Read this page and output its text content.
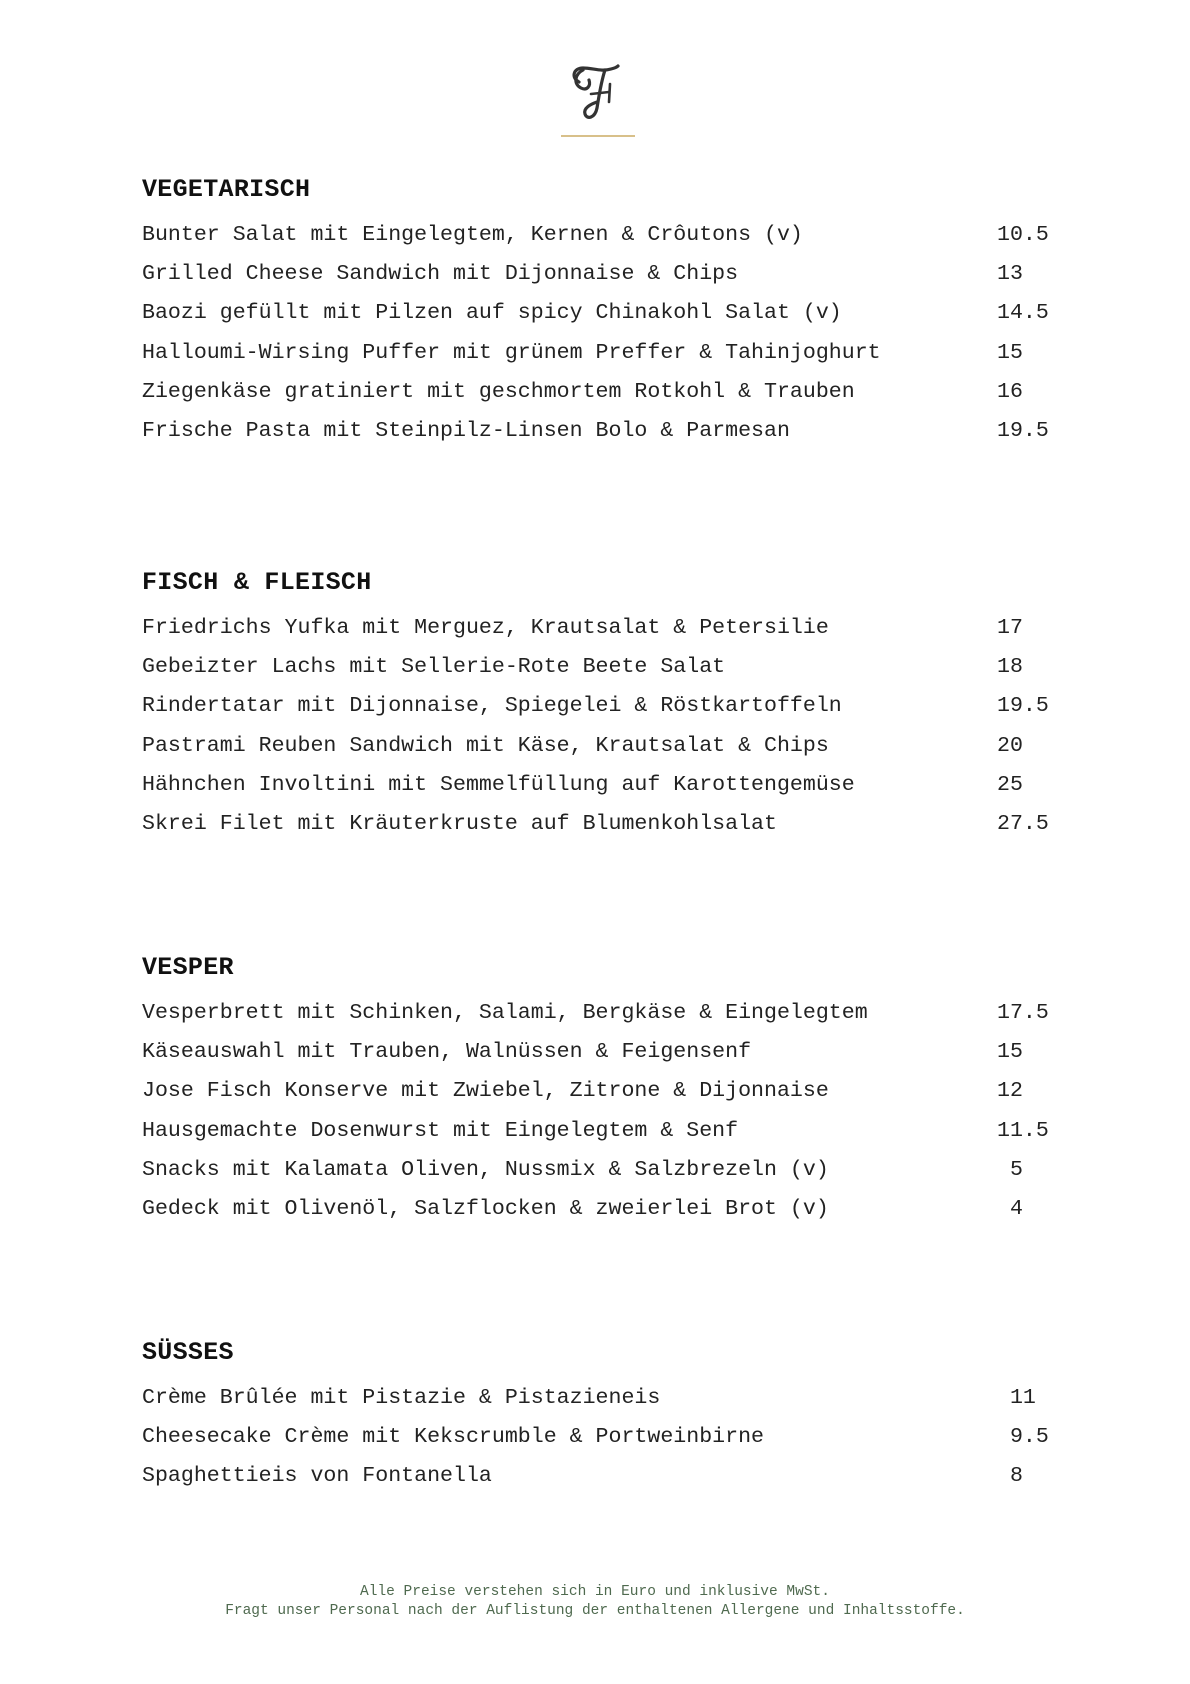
VEGETARISCH
Bunter Salat mit Eingelegtem, Kernen & Crôutons (v)	10.5
Grilled Cheese Sandwich mit Dijonnaise & Chips	13
Baozi gefüllt mit Pilzen auf spicy Chinakohl Salat (v)	14.5
Halloumi-Wirsing Puffer mit grünem Preffer & Tahinjoghurt	15
Ziegenkäse gratiniert mit geschmortem Rotkohl & Trauben	16
Frische Pasta mit Steinpilz-Linsen Bolo & Parmesan	19.5
FISCH & FLEISCH
Friedrichs Yufka mit Merguez, Krautsalat & Petersilie	17
Gebeizter Lachs mit Sellerie-Rote Beete Salat	18
Rindertatar mit Dijonnaise, Spiegelei & Röstkartoffeln	19.5
Pastrami Reuben Sandwich mit Käse, Krautsalat & Chips	20
Hähnchen Involtini mit Semmelfüllung auf Karottengemüse	25
Skrei Filet mit Kräuterkruste auf Blumenkohlsalat	27.5
VESPER
Vesperbrett mit Schinken, Salami, Bergkäse & Eingelegtem	17.5
Käseauswahl mit Trauben, Walnüssen & Feigensenf	15
Jose Fisch Konserve mit Zwiebel, Zitrone & Dijonnaise	12
Hausgemachte Dosenwurst mit Eingelegtem & Senf	11.5
Snacks mit Kalamata Oliven, Nussmix & Salzbrezeln (v)	5
Gedeck mit Olivenöl, Salzflocken & zweierlei Brot (v)	4
SÜSSES
Crème Brûlée mit Pistazie & Pistazieneis	11
Cheesecake Crème mit Kekscrumble & Portweinbirne	9.5
Spaghettieis von Fontanella	8
Alle Preise verstehen sich in Euro und inklusive MwSt.
Fragt unser Personal nach der Auflistung der enthaltenen Allergene und Inhaltsstoffe.
